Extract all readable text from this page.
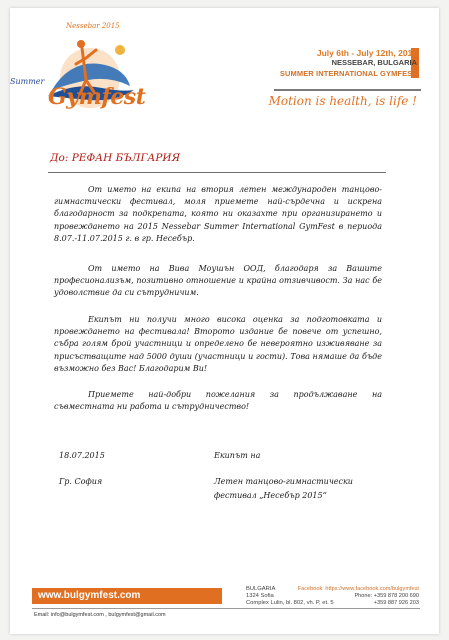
Nessebar 2015
Summer
Gymfest
July 6th - July 12th, 2015
NESSEBAR, BULGARIA
SUMMER INTERNATIONAL GYMFEST
Motion is health, is life !
До: РЕФАН БЪЛГАРИЯ
От името на екипа на втория летен международен танцово-гимнастически фестивал, моля приемете най-сърдечна и искрена благодарност за подкрепата, която ни оказахте при организирането и провеждането на 2015 Nessebar Summer International GymFest в периода 8.07.-11.07.2015 г. в гр. Несебър.
От името на Вива Моушън ООД, благодаря за Вашите професионализъм, позитивно отношение и крайна отзивчивост. За нас бе удоволствие да си сътрудничим.
Екипът ни получи много висока оценка за подготовката и провеждането на фестивала! Второто издание бе повече от успешно, събра голям брой участници и определено бе невероятно изживяване за присъстващите над 5000 души (участници и гости). Това нямаше да бъде възможно без Вас! Благодарим Ви!
Приемете най-добри пожелания за продължаване на съвместната ни работа и сътрудничество!
18.07.2015
Гр. София
Екипът на
Летен танцово-гимнастически
фестивал „Несебър 2015“
www.bulgymfest.com
BULGARIA
1324 Sofia
Complex Lulin, bl. 802, vh. P, et. 5
Facebook: https://www.facebook.com/bulgymfest
Phone: +359 878 200 690
+359 887 926 203
Email: info@bulgymfest.com , bulgymfest@gmail.com
